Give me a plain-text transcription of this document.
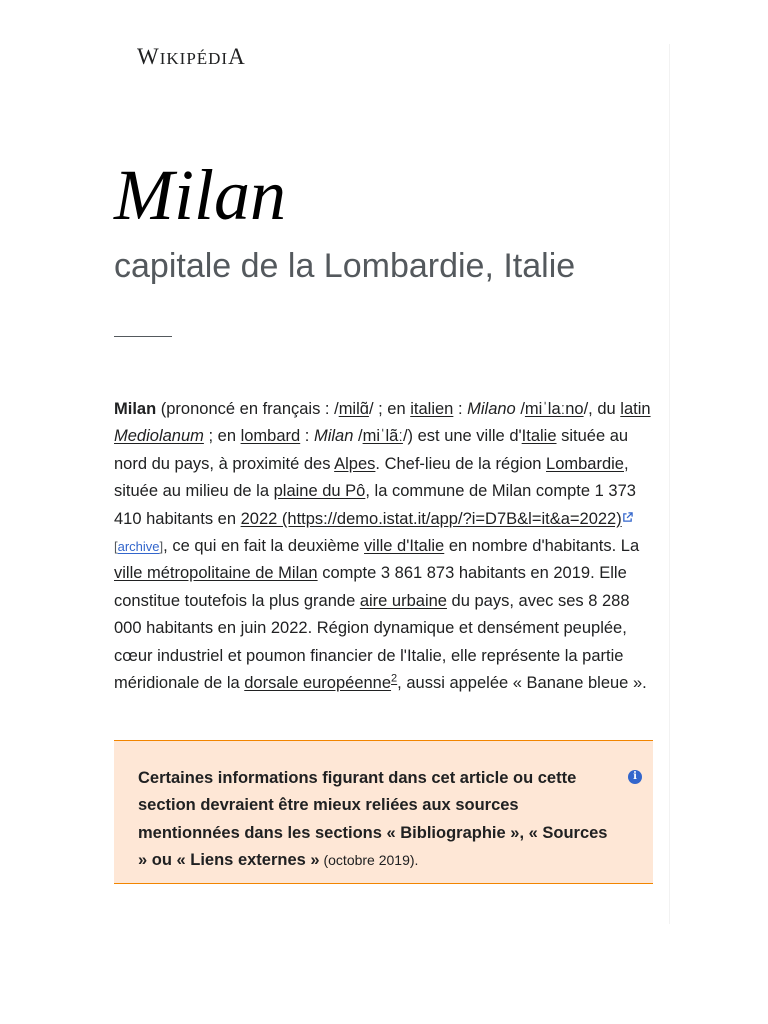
WIKIPÉDIA
Milan
capitale de la Lombardie, Italie

Milan (prononcé en français : /milɑ̃/ ; en italien : Milano /miˈlaːno/, du latin Mediolanum ; en lombard : Milan /miˈlãː/) est une ville d'Italie située au nord du pays, à proximité des Alpes. Chef-lieu de la région Lombardie, située au milieu de la plaine du Pô, la commune de Milan compte 1 373 410 habitants en 2022 (https://demo.istat.it/app/?i=D7B&l=it&a=2022)[archive], ce qui en fait la deuxième ville d'Italie en nombre d'habitants. La ville métropolitaine de Milan compte 3 861 873 habitants en 2019. Elle constitue toutefois la plus grande aire urbaine du pays, avec ses 8 288 000 habitants en juin 2022. Région dynamique et densément peuplée, cœur industriel et poumon financier de l'Italie, elle représente la partie méridionale de la dorsale européenne$^2$, aussi appelée « Banane bleue ».

Certaines informations figurant dans cet article ou cette section devraient être mieux reliées aux sources mentionnées dans les sections « Bibliographie », « Sources » ou « Liens externes » (octobre 2019).

i
